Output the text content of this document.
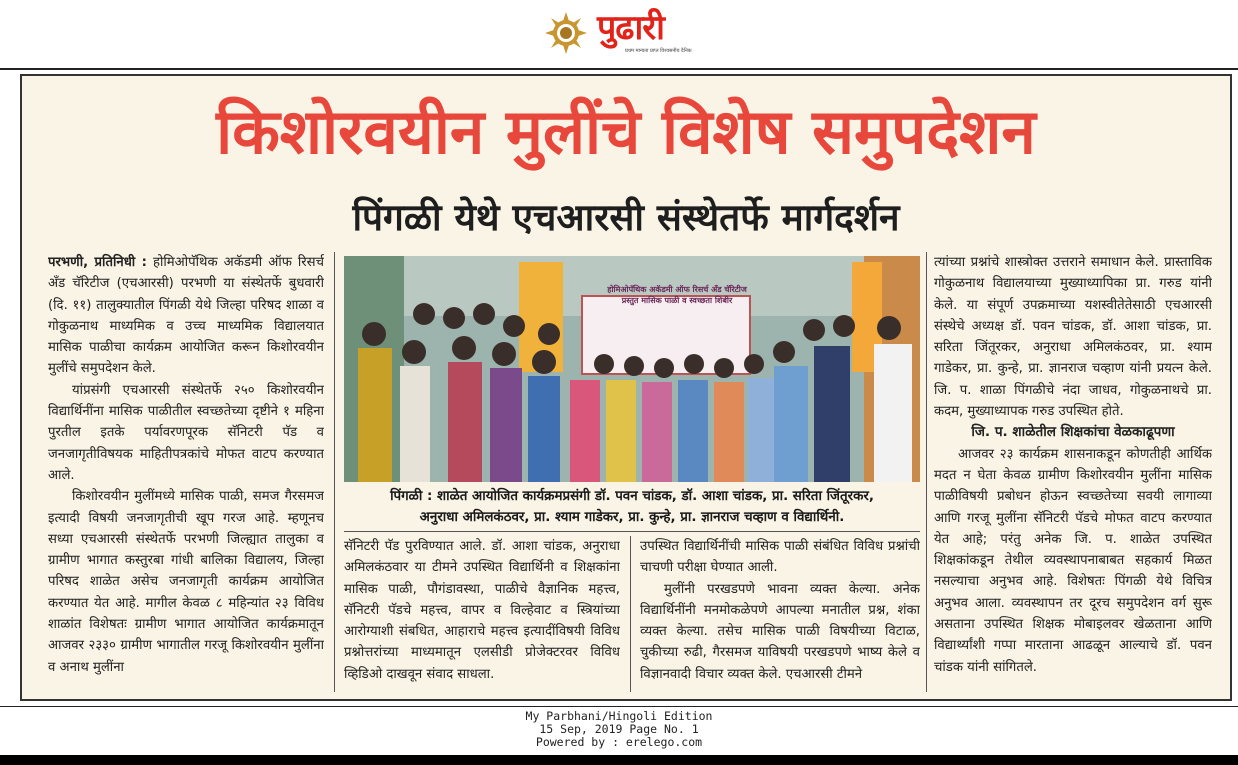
पुढारी
प्रथम मान्यता प्राप्त विश्वसनीय दैनिक
किशोरवयीन मुलींचे विशेष समुपदेशन
पिंगळी येथे एचआरसी संस्थेतर्फे मार्गदर्शन

परभणी, प्रतिनिधी : होमिओपॅथिक अकॅडमी ऑफ रिसर्च अँड चॅरिटीज (एचआरसी) परभणी या संस्थेतर्फे बुधवारी (दि. ११) तालुक्यातील पिंगळी येथे जिल्हा परिषद शाळा व गोकुळनाथ माध्यमिक व उच्च माध्यमिक विद्यालयात मासिक पाळीचा कार्यक्रम आयोजित करून किशोरवयीन मुलींचे समुपदेशन केले.

यांप्रसंगी एचआरसी संस्थेतर्फे २५० किशोरवयीन विद्यार्थिनींना मासिक पाळीतील स्वच्छतेच्या दृष्टीने १ महिना पुरतील इतके पर्यावरणपूरक सॅनिटरी पॅड व जनजागृतीविषयक माहितीपत्रकांचे मोफत वाटप करण्यात आले.

किशोरवयीन मुलींमध्ये मासिक पाळी, समज गैरसमज इत्यादी विषयी जनजागृतीची खूप गरज आहे. म्हणूनच सध्या एचआरसी संस्थेतर्फे परभणी जिल्ह्यात तालुका व ग्रामीण भागात कस्तुरबा गांधी बालिका विद्यालय, जिल्हा परिषद शाळेत असेच जनजागृती कार्यक्रम आयोजित करण्यात येत आहे. मागील केवळ ८ महिन्यांत २३ विविध शाळांत विशेषतः ग्रामीण भागात आयोजित कार्यक्रमातून आजवर २३३० ग्रामीण भागातील गरजू किशोरवयीन मुलींना व अनाथ मुलींना

होमिओपॅथिक अकॅडमी ऑफ रिसर्च अँड चॅरिटीज प्रस्तुत मासिक पाळी व स्वच्छता शिबीर
पिंगळी : शाळेत आयोजित कार्यक्रमप्रसंगी डॉ. पवन चांडक, डॉ. आशा चांडक, प्रा. सरिता जिंतूरकर,
अनुराधा अमिलकंठवर, प्रा. श्याम गाडेकर, प्रा. कुन्हे, प्रा. ज्ञानराज चव्हाण व विद्यार्थिनी.

सॅनिटरी पॅड पुरविण्यात आले. डॉ. आशा चांडक, अनुराधा अमिलकंठवार या टीमने उपस्थित विद्यार्थिनी व शिक्षकांना मासिक पाळी, पौगंडावस्था, पाळीचे वैज्ञानिक महत्त्व, सॅनिटरी पॅडचे महत्त्व, वापर व विल्हेवाट व स्त्रियांच्या आरोग्याशी संबधित, आहाराचे महत्त्व इत्यादींविषयी विविध प्रश्नोत्तरांच्या माध्यमातून एलसीडी प्रोजेक्टरवर विविध व्हिडिओ दाखवून संवाद साधला.

उपस्थित विद्यार्थिनींची मासिक पाळी संबंधित विविध प्रश्नांची चाचणी परीक्षा घेण्यात आली.

मुलींनी परखडपणे भावना व्यक्त केल्या. अनेक विद्यार्थिनींनी मनमोकळेपणे आपल्या मनातील प्रश्न, शंका व्यक्त केल्या. तसेच मासिक पाळी विषयीच्या विटाळ, चुकीच्या रुढी, गैरसमज याविषयी परखडपणे भाष्य केले व विज्ञानवादी विचार व्यक्त केले. एचआरसी टीमने

त्यांच्या प्रश्नांचे शास्त्रोक्त उत्तराने समाधान केले. प्रास्ताविक गोकुळनाथ विद्यालयाच्या मुख्याध्यापिका प्रा. गरुड यांनी केले. या संपूर्ण उपक्रमाच्या यशस्वीतेतेसाठी एचआरसी संस्थेचे अध्यक्ष डॉ. पवन चांडक, डॉ. आशा चांडक, प्रा. सरिता जिंतूरकर, अनुराधा अमिलकंठवर, प्रा. श्याम गाडेकर, प्रा. कुन्हे, प्रा. ज्ञानराज चव्हाण यांनी प्रयत्न केले. जि. प. शाळा पिंगळीचे नंदा जाधव, गोकुळनाथचे प्रा. कदम, मुख्याध्यापक गरुड उपस्थित होते.

जि. प. शाळेतील शिक्षकांचा वेळकाढूपणा

आजवर २३ कार्यक्रम शासनाकडून कोणतीही आर्थिक मदत न घेता केवळ ग्रामीण किशोरवयीन मुलींना मासिक पाळीविषयी प्रबोधन होऊन स्वच्छतेच्या सवयी लागाव्या आणि गरजू मुलींना सॅनिटरी पॅडचे मोफत वाटप करण्यात येत आहे; परंतु अनेक जि. प. शाळेत उपस्थित शिक्षकांकडून तेथील व्यवस्थापनाबाबत सहकार्य मिळत नसल्याचा अनुभव आहे. विशेषतः पिंगळी येथे विचित्र अनुभव आला. व्यवस्थापन तर दूरच समुपदेशन वर्ग सुरू असताना उपस्थित शिक्षक मोबाइलवर खेळताना आणि विद्यार्थ्यांशी गप्पा मारताना आढळून आल्याचे डॉ. पवन चांडक यांनी सांगितले.

My Parbhani/Hingoli Edition
15 Sep, 2019 Page No. 1
Powered by : erelego.com
